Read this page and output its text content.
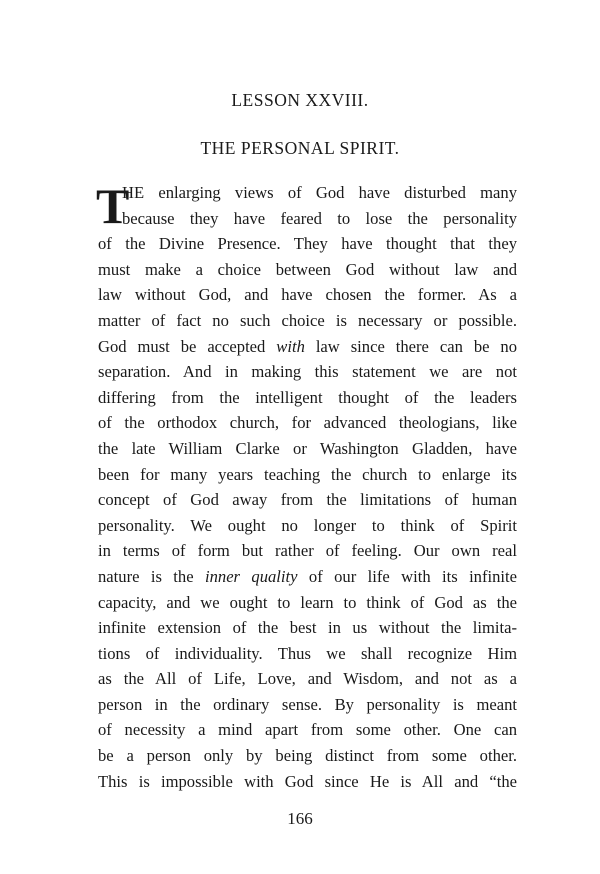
LESSON XXVIII.
THE PERSONAL SPIRIT.
T
HE enlarging views of God have disturbed many
because they have feared to lose the personality
of the Divine Presence. They have thought that they
must make a choice between God without law and
law without God, and have chosen the former. As a
matter of fact no such choice is necessary or possible.
God must be accepted with law since there can be no
separation. And in making this statement we are not
differing from the intelligent thought of the leaders
of the orthodox church, for advanced theologians, like
the late William Clarke or Washington Gladden, have
been for many years teaching the church to enlarge its
concept of God away from the limitations of human
personality. We ought no longer to think of Spirit
in terms of form but rather of feeling. Our own real
nature is the inner quality of our life with its infinite
capacity, and we ought to learn to think of God as the
infinite extension of the best in us without the limita-
tions of individuality. Thus we shall recognize Him
as the All of Life, Love, and Wisdom, and not as a
person in the ordinary sense. By personality is meant
of necessity a mind apart from some other. One can
be a person only by being distinct from some other.
This is impossible with God since He is All and “the
166
